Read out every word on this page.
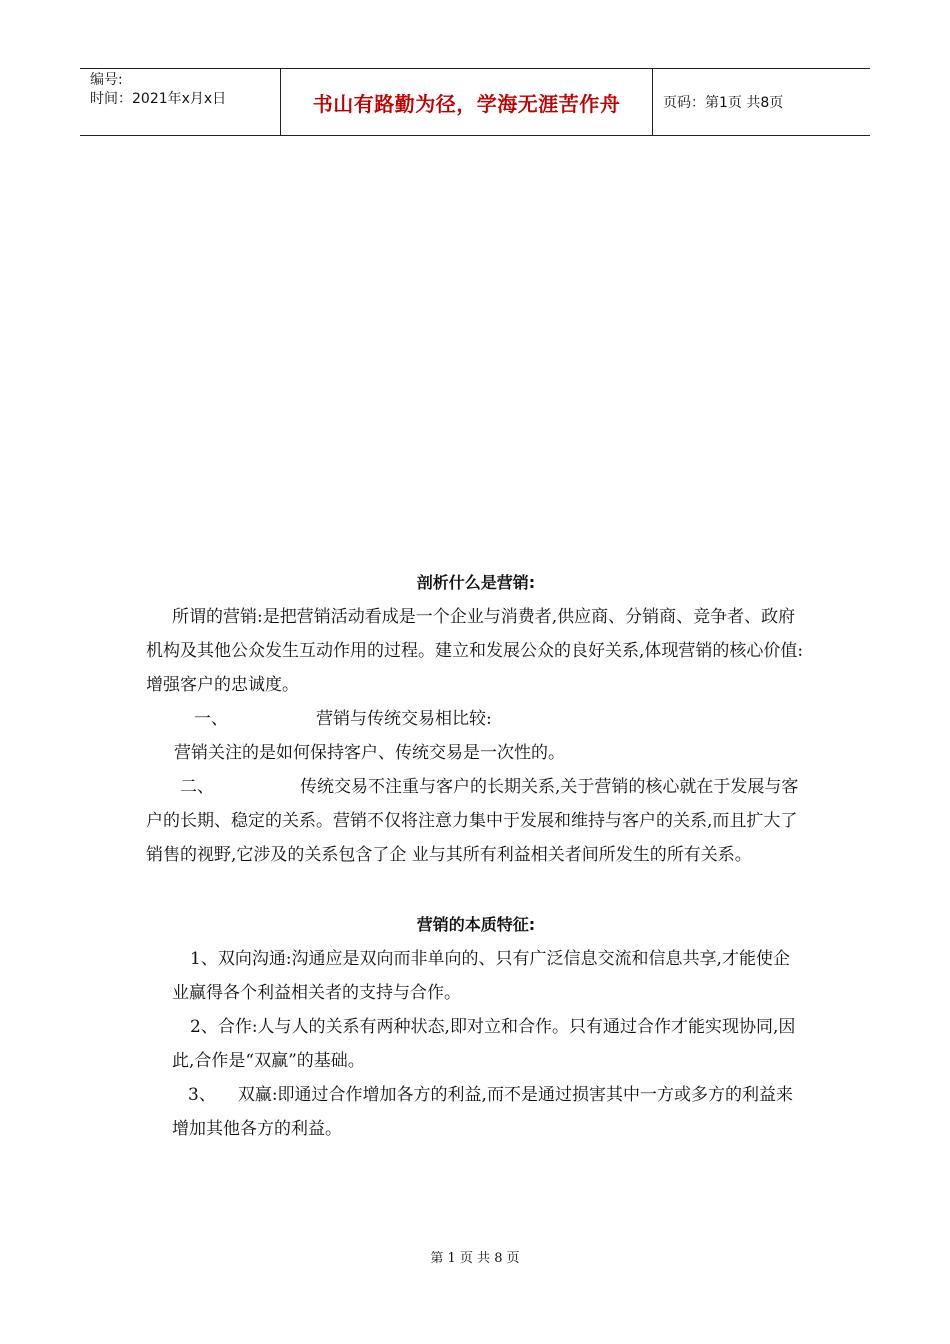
编号:
时间：2021年x月x日	书山有路勤为径，学海无涯苦作舟	页码：第1页 共8页

剖析什么是营销:

所谓的营销:是把营销活动看成是一个企业与消费者,供应商、分销商、竞争者、政府机构及其他公众发生互动作用的过程。建立和发展公众的良好关系,体现营销的核心价值:增强客户的忠诚度。

一、	营销与传统交易相比较:

营销关注的是如何保持客户、传统交易是一次性的。

二、	传统交易不注重与客户的长期关系,关于营销的核心就在于发展与客户的长期、稳定的关系。营销不仅将注意力集中于发展和维持与客户的关系,而且扩大了销售的视野,它涉及的关系包含了企 业与其所有利益相关者间所发生的所有关系。

营销的本质特征:

1、双向沟通:沟通应是双向而非单向的、只有广泛信息交流和信息共享,才能使企业赢得各个利益相关者的支持与合作。

2、合作:人与人的关系有两种状态,即对立和合作。只有通过合作才能实现协同,因此,合作是“双赢”的基础。

3、 双赢:即通过合作增加各方的利益,而不是通过损害其中一方或多方的利益来增加其他各方的利益。

第 1 页 共 8 页
